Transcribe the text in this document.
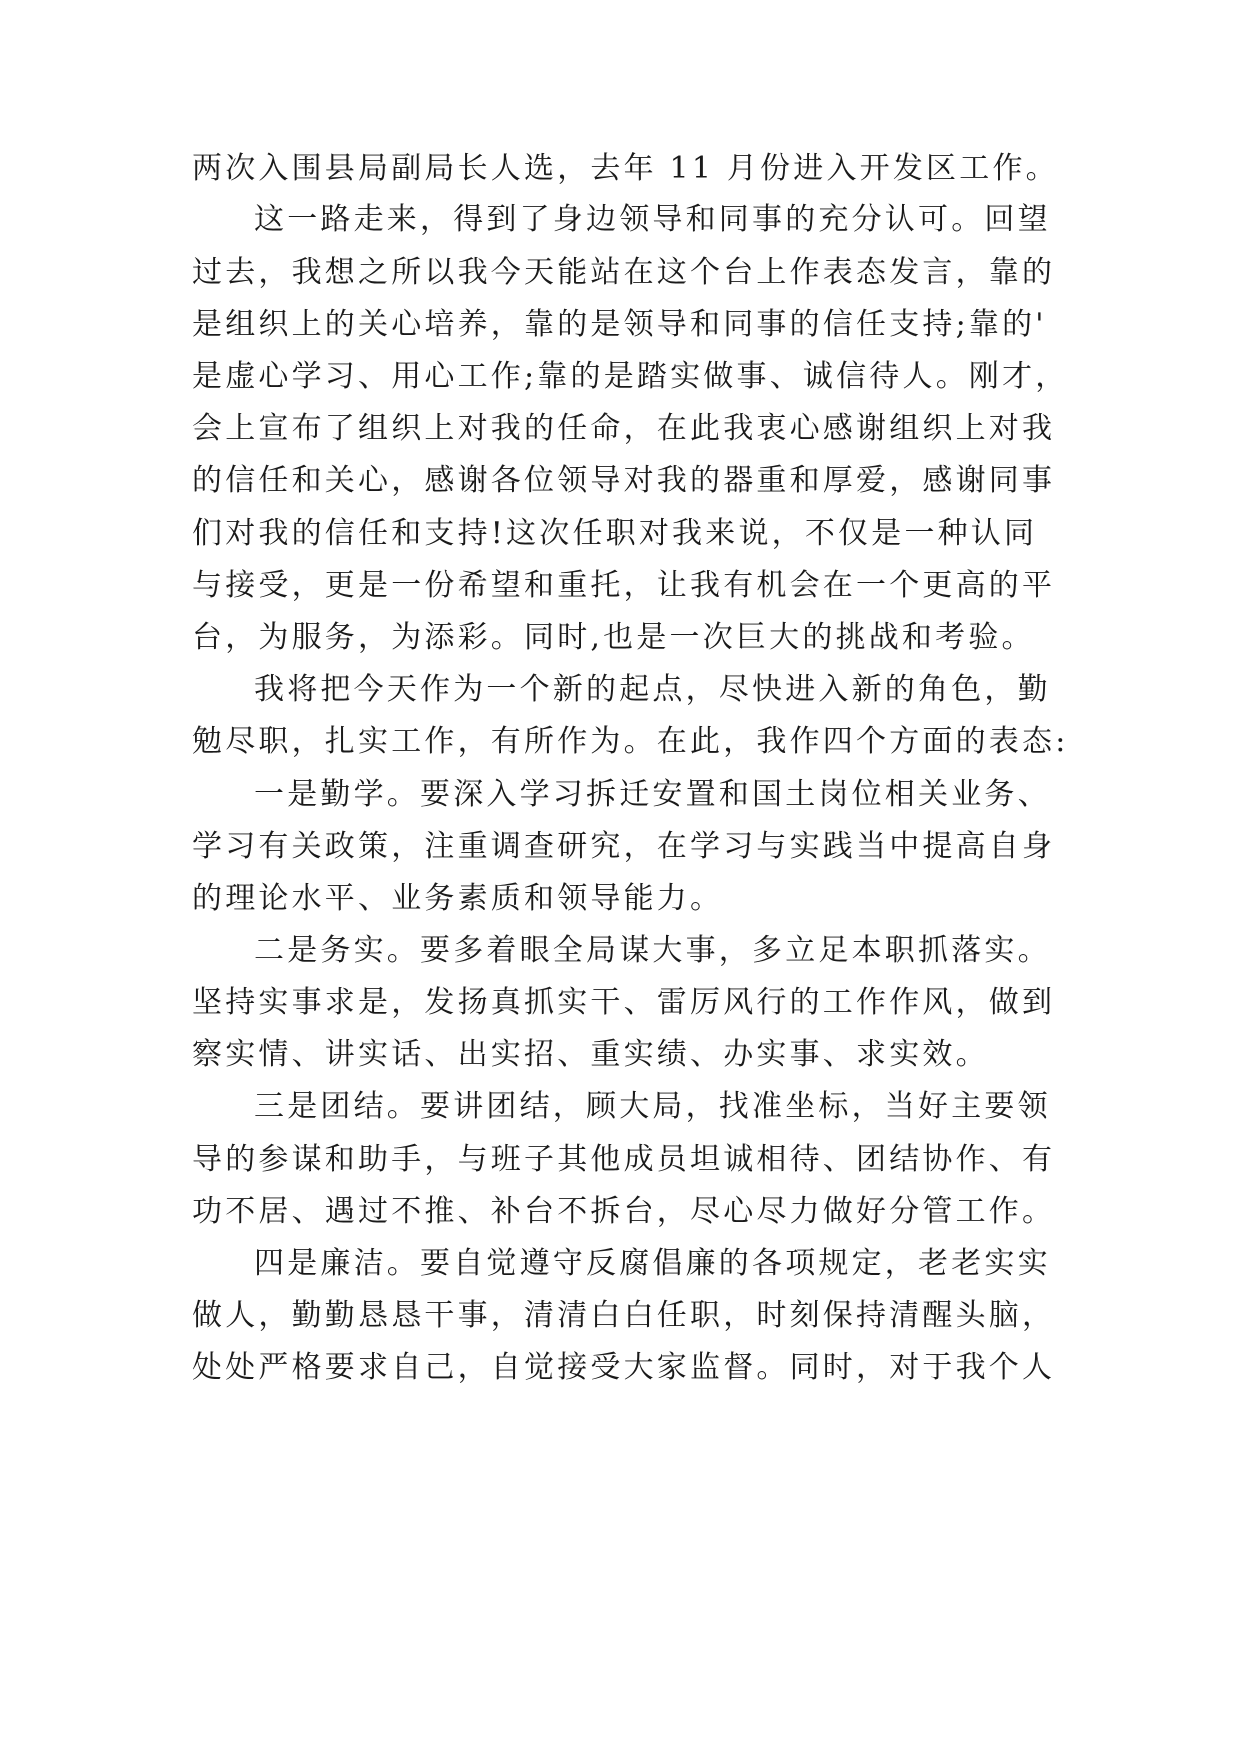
两次入围县局副局长人选，去年 11 月份进入开发区工作。
这一路走来，得到了身边领导和同事的充分认可。回望
过去，我想之所以我今天能站在这个台上作表态发言，靠的
是组织上的关心培养，靠的是领导和同事的信任支持;靠的'
是虚心学习、用心工作;靠的是踏实做事、诚信待人。刚才，
会上宣布了组织上对我的任命，在此我衷心感谢组织上对我
的信任和关心，感谢各位领导对我的器重和厚爱，感谢同事
们对我的信任和支持!这次任职对我来说，不仅是一种认同
与接受，更是一份希望和重托，让我有机会在一个更高的平
台，为服务，为添彩。同时,也是一次巨大的挑战和考验。
我将把今天作为一个新的起点，尽快进入新的角色，勤
勉尽职，扎实工作，有所作为。在此，我作四个方面的表态:
一是勤学。要深入学习拆迁安置和国土岗位相关业务、
学习有关政策，注重调查研究，在学习与实践当中提高自身
的理论水平、业务素质和领导能力。
二是务实。要多着眼全局谋大事，多立足本职抓落实。
坚持实事求是，发扬真抓实干、雷厉风行的工作作风，做到
察实情、讲实话、出实招、重实绩、办实事、求实效。
三是团结。要讲团结，顾大局，找准坐标，当好主要领
导的参谋和助手，与班子其他成员坦诚相待、团结协作、有
功不居、遇过不推、补台不拆台，尽心尽力做好分管工作。
四是廉洁。要自觉遵守反腐倡廉的各项规定，老老实实
做人，勤勤恳恳干事，清清白白任职，时刻保持清醒头脑，
处处严格要求自己，自觉接受大家监督。同时，对于我个人
